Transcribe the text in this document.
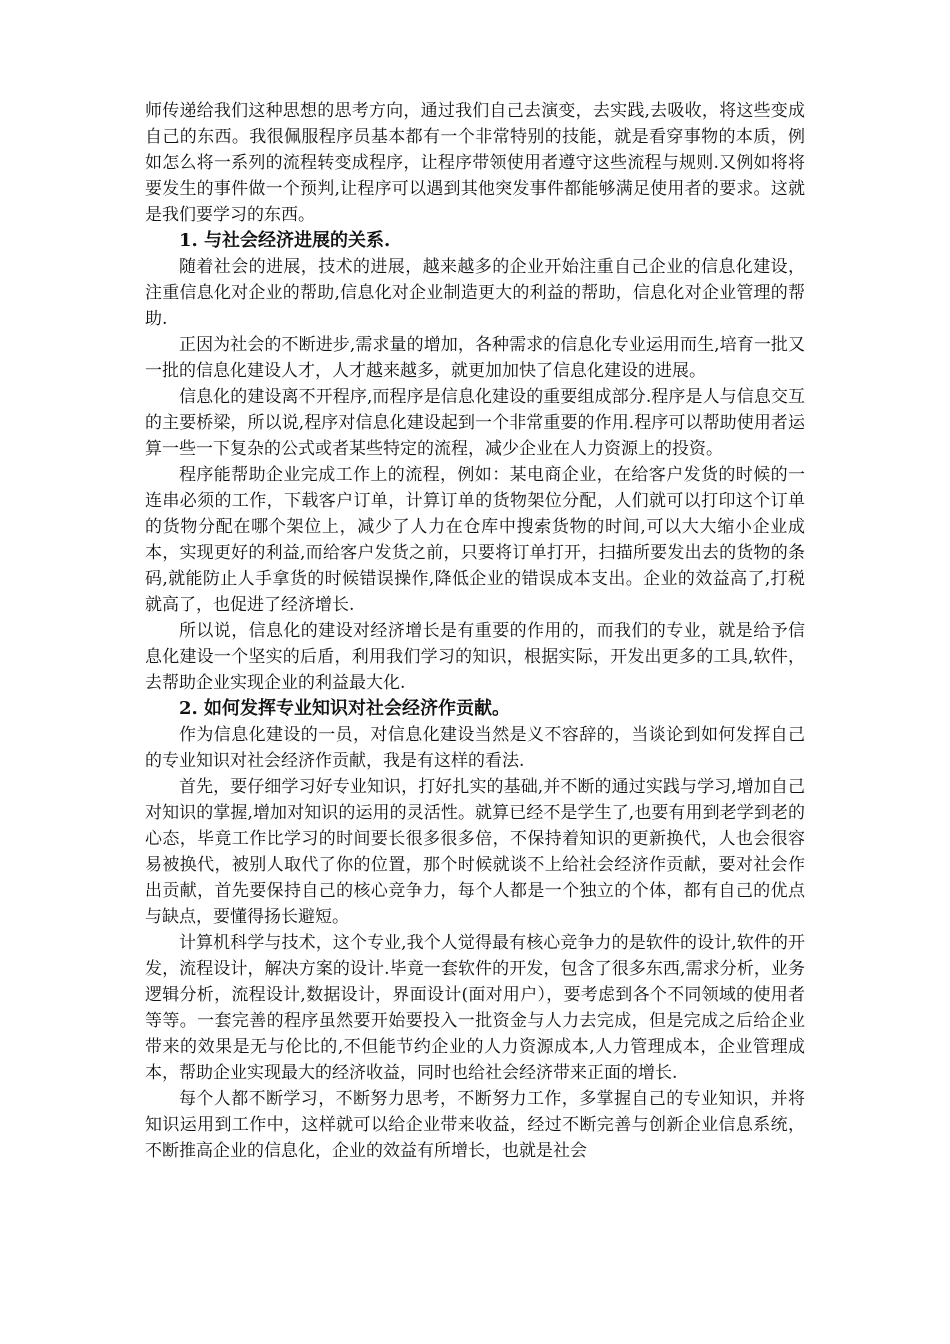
师传递给我们这种思想的思考方向，通过我们自己去演变，去实践,去吸收，将这些变成自己的东西。我很佩服程序员基本都有一个非常特别的技能，就是看穿事物的本质，例如怎么将一系列的流程转变成程序，让程序带领使用者遵守这些流程与规则.又例如将将要发生的事件做一个预判,让程序可以遇到其他突发事件都能够满足使用者的要求。这就是我们要学习的东西。

1. 与社会经济进展的关系.

随着社会的进展，技术的进展，越来越多的企业开始注重自己企业的信息化建设，注重信息化对企业的帮助,信息化对企业制造更大的利益的帮助，信息化对企业管理的帮助.

正因为社会的不断进步,需求量的增加，各种需求的信息化专业运用而生,培育一批又一批的信息化建设人才，人才越来越多，就更加加快了信息化建设的进展。

信息化的建设离不开程序,而程序是信息化建设的重要组成部分.程序是人与信息交互的主要桥梁，所以说,程序对信息化建设起到一个非常重要的作用.程序可以帮助使用者运算一些一下复杂的公式或者某些特定的流程，减少企业在人力资源上的投资。

程序能帮助企业完成工作上的流程，例如：某电商企业，在给客户发货的时候的一连串必须的工作，下载客户订单，计算订单的货物架位分配，人们就可以打印这个订单的货物分配在哪个架位上，减少了人力在仓库中搜索货物的时间,可以大大缩小企业成本，实现更好的利益,而给客户发货之前，只要将订单打开，扫描所要发出去的货物的条码,就能防止人手拿货的时候错误操作,降低企业的错误成本支出。企业的效益高了,打税就高了，也促进了经济增长.

所以说，信息化的建设对经济增长是有重要的作用的，而我们的专业，就是给予信息化建设一个坚实的后盾，利用我们学习的知识，根据实际，开发出更多的工具,软件，去帮助企业实现企业的利益最大化.

2. 如何发挥专业知识对社会经济作贡献。

作为信息化建设的一员，对信息化建设当然是义不容辞的，当谈论到如何发挥自己的专业知识对社会经济作贡献，我是有这样的看法.

首先，要仔细学习好专业知识，打好扎实的基础,并不断的通过实践与学习,增加自己对知识的掌握,增加对知识的运用的灵活性。就算已经不是学生了,也要有用到老学到老的心态，毕竟工作比学习的时间要长很多很多倍，不保持着知识的更新换代，人也会很容易被换代，被别人取代了你的位置，那个时候就谈不上给社会经济作贡献，要对社会作出贡献，首先要保持自己的核心竞争力，每个人都是一个独立的个体，都有自己的优点与缺点，要懂得扬长避短。

计算机科学与技术，这个专业,我个人觉得最有核心竞争力的是软件的设计,软件的开发，流程设计，解决方案的设计.毕竟一套软件的开发，包含了很多东西,需求分析，业务逻辑分析，流程设计,数据设计，界面设计(面对用户），要考虑到各个不同领域的使用者等等。一套完善的程序虽然要开始要投入一批资金与人力去完成，但是完成之后给企业带来的效果是无与伦比的,不但能节约企业的人力资源成本,人力管理成本，企业管理成本，帮助企业实现最大的经济收益，同时也给社会经济带来正面的增长.

每个人都不断学习，不断努力思考，不断努力工作，多掌握自己的专业知识，并将知识运用到工作中，这样就可以给企业带来收益，经过不断完善与创新企业信息系统，不断推高企业的信息化，企业的效益有所增长，也就是社会
